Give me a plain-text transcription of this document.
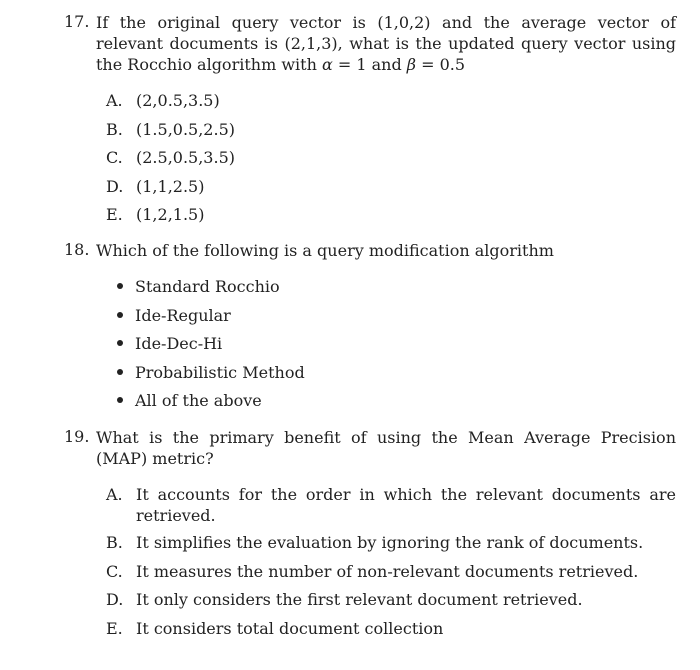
17. If the original query vector is (1,0,2) and the average vector of relevant documents is (2,1,3), what is the updated query vector using the Rocchio algorithm with α = 1 and β = 0.5
A. (2,0.5,3.5)
B. (1.5,0.5,2.5)
C. (2.5,0.5,3.5)
D. (1,1,2.5)
E. (1,2,1.5)
18. Which of the following is a query modification algorithm
Standard Rocchio
Ide-Regular
Ide-Dec-Hi
Probabilistic Method
All of the above
19. What is the primary benefit of using the Mean Average Precision (MAP) metric?
A. It accounts for the order in which the relevant documents are retrieved.
B. It simplifies the evaluation by ignoring the rank of documents.
C. It measures the number of non-relevant documents retrieved.
D. It only considers the first relevant document retrieved.
E. It considers total document collection
